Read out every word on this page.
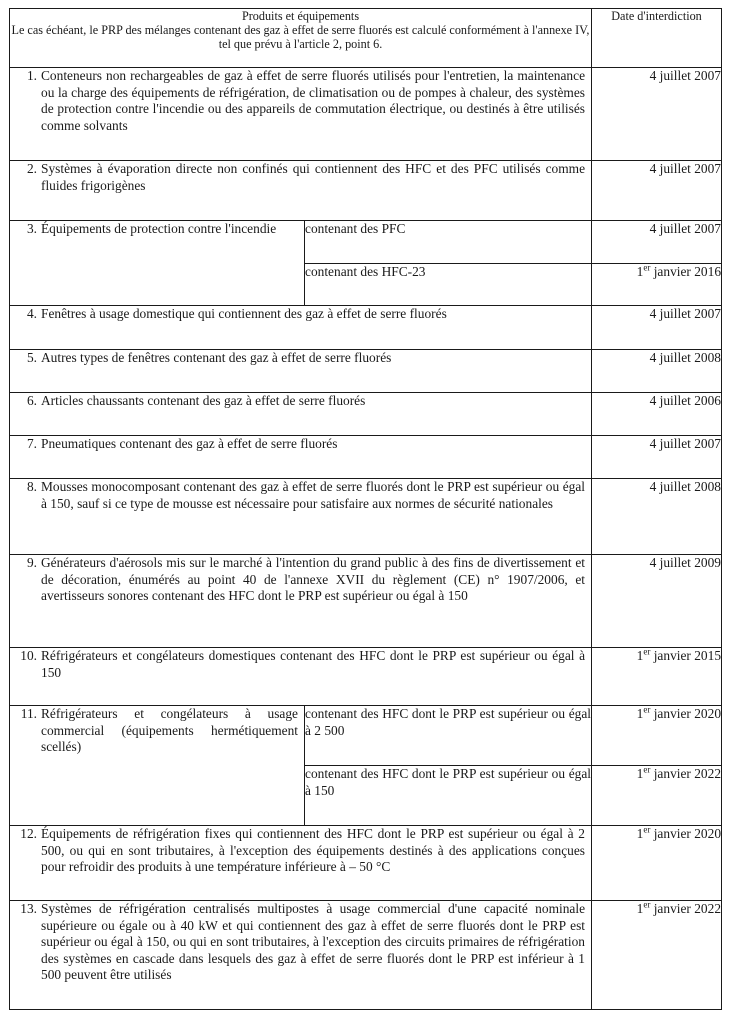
Produits et équipements
Le cas échéant, le PRP des mélanges contenant des gaz à effet de serre fluorés est calculé conformément à l'annexe IV, tel que prévu à l'article 2, point 6.		Date d'interdiction

1. Conteneurs non rechargeables de gaz à effet de serre fluorés utilisés pour l'entretien, la maintenance ou la charge des équipements de réfrigération, de climatisation ou de pompes à chaleur, des systèmes de protection contre l'incendie ou des appareils de commutation électrique, ou destinés à être utilisés comme solvants		4 juillet 2007

2. Systèmes à évaporation directe non confinés qui contiennent des HFC et des PFC utilisés comme fluides frigorigènes		4 juillet 2007

3. Équipements de protection contre l'incendie	contenant des PFC	4 juillet 2007
	contenant des HFC-23	1er janvier 2016

4. Fenêtres à usage domestique qui contiennent des gaz à effet de serre fluorés		4 juillet 2007

5. Autres types de fenêtres contenant des gaz à effet de serre fluorés		4 juillet 2008

6. Articles chaussants contenant des gaz à effet de serre fluorés		4 juillet 2006

7. Pneumatiques contenant des gaz à effet de serre fluorés		4 juillet 2007

8. Mousses monocomposant contenant des gaz à effet de serre fluorés dont le PRP est supérieur ou égal à 150, sauf si ce type de mousse est nécessaire pour satisfaire aux normes de sécurité nationales		4 juillet 2008

9. Générateurs d'aérosols mis sur le marché à l'intention du grand public à des fins de divertissement et de décoration, énumérés au point 40 de l'annexe XVII du règlement (CE) n° 1907/2006, et avertisseurs sonores contenant des HFC dont le PRP est supérieur ou égal à 150		4 juillet 2009

10. Réfrigérateurs et congélateurs domestiques contenant des HFC dont le PRP est supérieur ou égal à 150		1er janvier 2015

11. Réfrigérateurs et congélateurs à usage commercial (équipements hermétiquement scellés)	contenant des HFC dont le PRP est supérieur ou égal à 2 500	1er janvier 2020
	contenant des HFC dont le PRP est supérieur ou égal à 150	1er janvier 2022

12. Équipements de réfrigération fixes qui contiennent des HFC dont le PRP est supérieur ou égal à 2 500, ou qui en sont tributaires, à l'exception des équipements destinés à des applications conçues pour refroidir des produits à une température inférieure à – 50 °C		1er janvier 2020

13. Systèmes de réfrigération centralisés multipostes à usage commercial d'une capacité nominale supérieure ou égale ou à 40 kW et qui contiennent des gaz à effet de serre fluorés dont le PRP est supérieur ou égal à 150, ou qui en sont tributaires, à l'exception des circuits primaires de réfrigération des systèmes en cascade dans lesquels des gaz à effet de serre fluorés dont le PRP est inférieur à 1 500 peuvent être utilisés		1er janvier 2022
